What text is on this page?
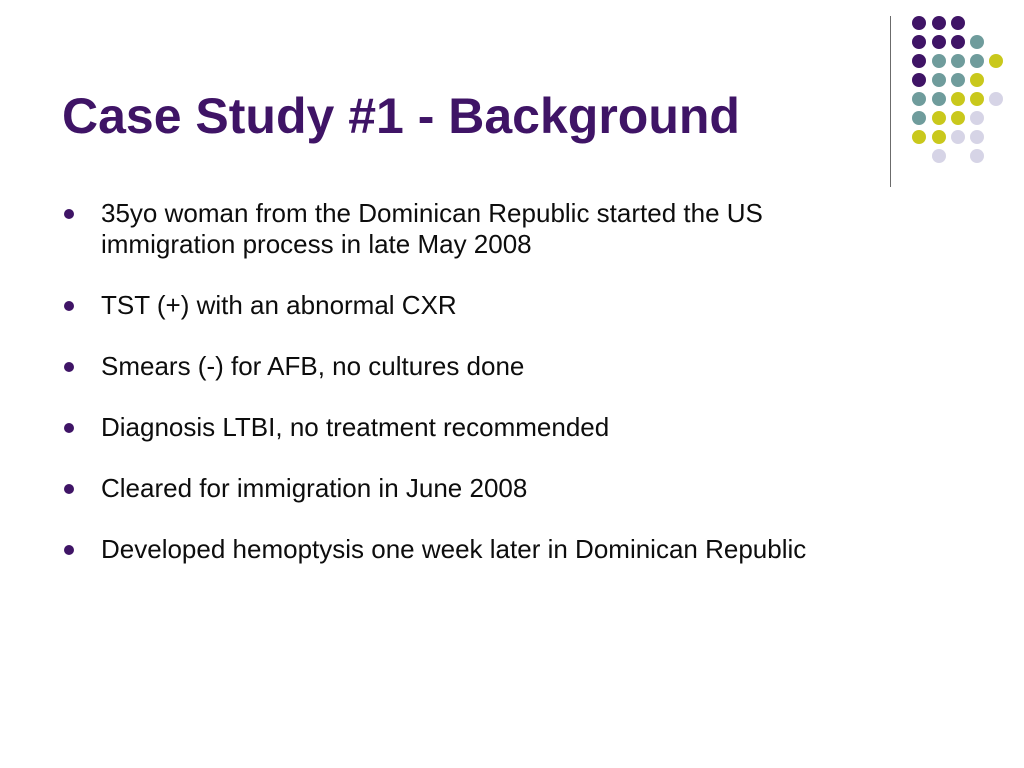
Case Study #1 - Background
35yo woman from the Dominican Republic started the US immigration process in late May 2008
TST (+) with an abnormal CXR
Smears (-) for AFB, no cultures done
Diagnosis LTBI, no treatment recommended
Cleared for immigration in June 2008
Developed hemoptysis one week later in Dominican Republic
